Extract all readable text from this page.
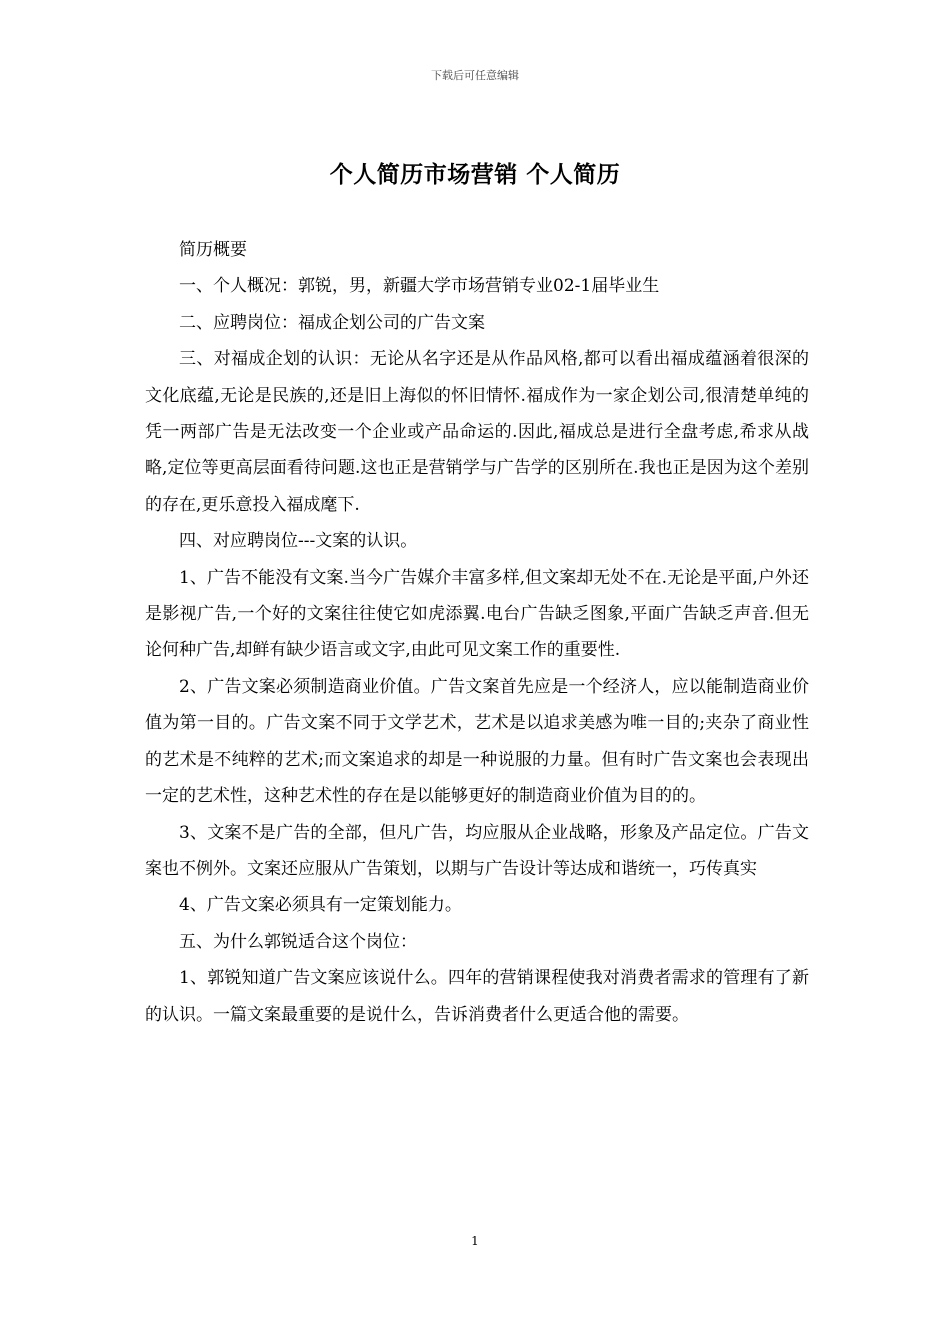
下载后可任意编辑
个人简历市场营销 个人简历

简历概要

一、个人概况：郭锐，男，新疆大学市场营销专业02-1届毕业生

二、应聘岗位：福成企划公司的广告文案

三、对福成企划的认识：无论从名字还是从作品风格,都可以看出福成蕴涵着很深的文化底蕴,无论是民族的,还是旧上海似的怀旧情怀.福成作为一家企划公司,很清楚单纯的凭一两部广告是无法改变一个企业或产品命运的.因此,福成总是进行全盘考虑,希求从战略,定位等更高层面看待问题.这也正是营销学与广告学的区别所在.我也正是因为这个差别的存在,更乐意投入福成麾下.

四、对应聘岗位---文案的认识。

1、广告不能没有文案.当今广告媒介丰富多样,但文案却无处不在.无论是平面,户外还是影视广告,一个好的文案往往使它如虎添翼.电台广告缺乏图象,平面广告缺乏声音.但无论何种广告,却鲜有缺少语言或文字,由此可见文案工作的重要性.

2、广告文案必须制造商业价值。广告文案首先应是一个经济人，应以能制造商业价值为第一目的。广告文案不同于文学艺术，艺术是以追求美感为唯一目的;夹杂了商业性的艺术是不纯粹的艺术;而文案追求的却是一种说服的力量。但有时广告文案也会表现出一定的艺术性，这种艺术性的存在是以能够更好的制造商业价值为目的的。

3、文案不是广告的全部，但凡广告，均应服从企业战略，形象及产品定位。广告文案也不例外。文案还应服从广告策划，以期与广告设计等达成和谐统一，巧传真实

4、广告文案必须具有一定策划能力。

五、为什么郭锐适合这个岗位：

1、郭锐知道广告文案应该说什么。四年的营销课程使我对消费者需求的管理有了新的认识。一篇文案最重要的是说什么，告诉消费者什么更适合他的需要。

1
